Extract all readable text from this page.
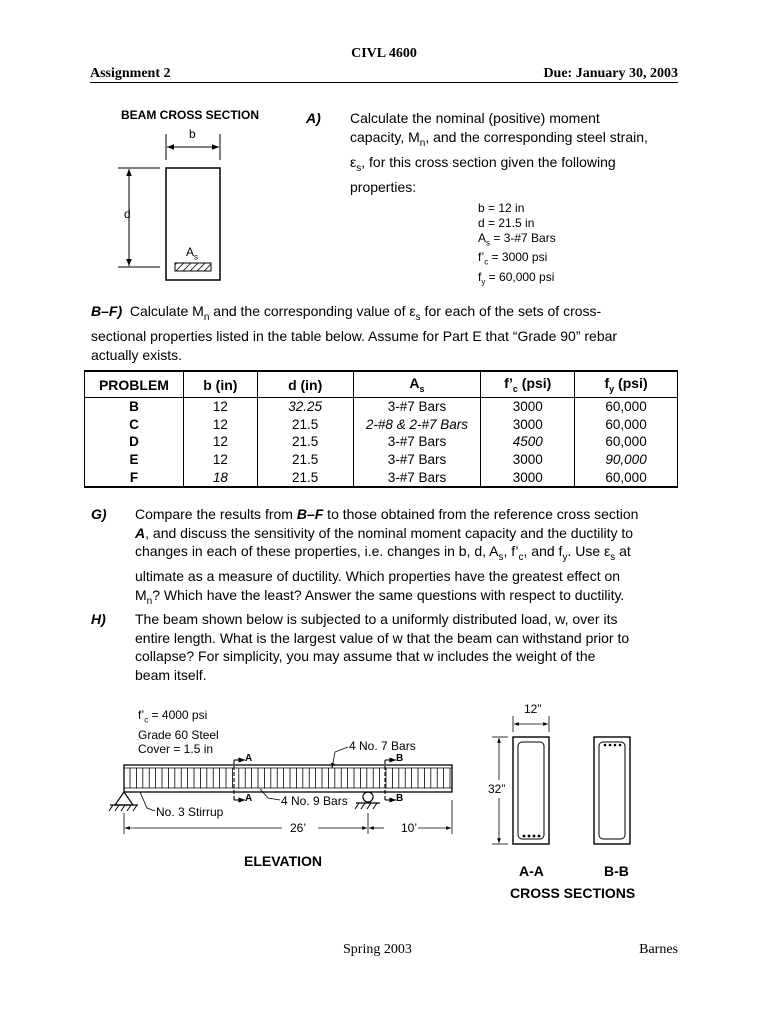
CIVL 4600
Assignment 2	Due: January 30, 2003
BEAM CROSS SECTION
b
d
$A_s$
A) Calculate the nominal (positive) moment
capacity, $M_n$, and the corresponding steel strain,
$\varepsilon_s$, for this cross section given the following
properties:
b = 12 in
d = 21.5 in
$A_s$ = 3-#7 Bars
$f’_c = 3000$ psi
$f_y = 60,000$ psi
B–F) Calculate $M_n$ and the corresponding value of $\varepsilon_s$ for each of the sets of cross-
sectional properties listed in the table below. Assume for Part E that “Grade 90” rebar
actually exists.
PROBLEM	b (in)	d (in)	$A_s$	$f’_c$ (psi)	$f_y$ (psi)
B	12	32.25	3-#7 Bars	3000	60,000
C	12	21.5	2-#8 & 2-#7 Bars	3000	60,000
D	12	21.5	3-#7 Bars	4500	60,000
E	12	21.5	3-#7 Bars	3000	90,000
F	18	21.5	3-#7 Bars	3000	60,000
G) Compare the results from B–F to those obtained from the reference cross section
A, and discuss the sensitivity of the nominal moment capacity and the ductility to
changes in each of these properties, i.e. changes in b, d, $A_s$, $f’_c$, and $f_y$. Use $\varepsilon_s$ at
ultimate as a measure of ductility. Which properties have the greatest effect on
$M_n$? Which have the least? Answer the same questions with respect to ductility.
H) The beam shown below is subjected to a uniformly distributed load, w, over its
entire length. What is the largest value of w that the beam can withstand prior to
collapse? For simplicity, you may assume that w includes the weight of the
beam itself.
$f’_c = 4000$ psi
Grade 60 Steel
Cover = 1.5 in	4 No. 7 Bars
4 No. 9 Bars
No. 3 Stirrup
A
A
B
B
26’	10’
ELEVATION
12”
32”
A-A	B-B
CROSS SECTIONS
Spring 2003	Barnes
